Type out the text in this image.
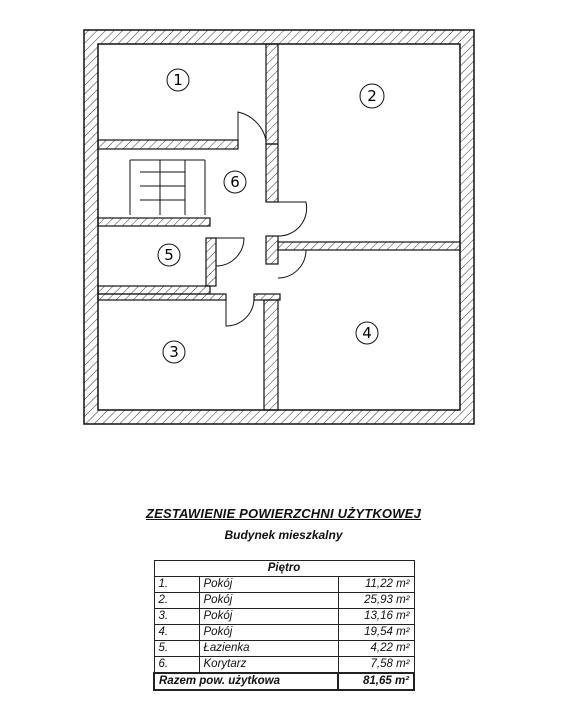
1
2
3
4
5
6
ZESTAWIENIE POWIERZCHNI UŻYTKOWEJ
Budynek mieszkalny
Piętro		
1.	Pokój	11,22 m²
2.	Pokój	25,93 m²
3.	Pokój	13,16 m²
4.	Pokój	19,54 m²
5.	Łazienka	4,22 m²
6.	Korytarz	7,58 m²
Razem pow. użytkowa		81,65 m²
